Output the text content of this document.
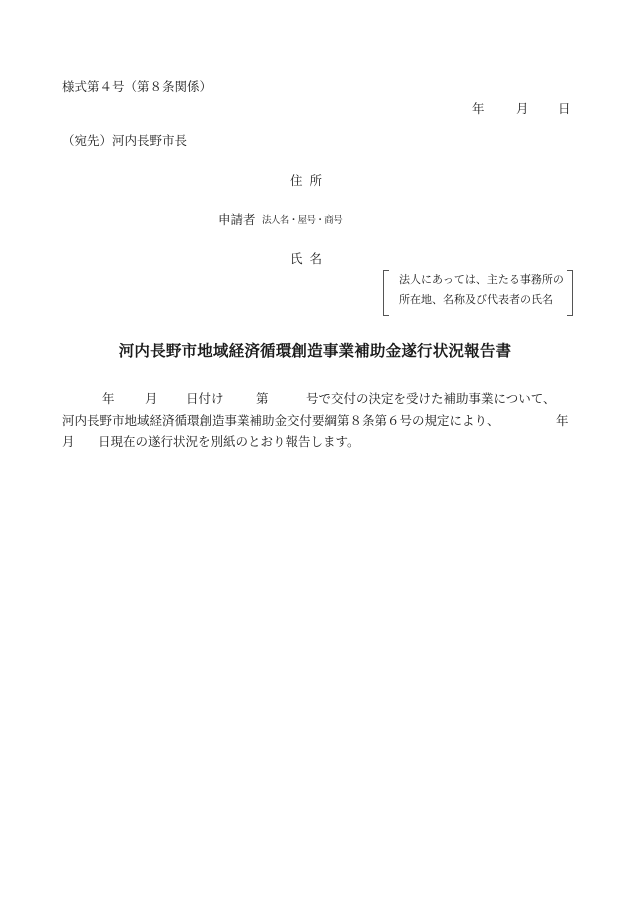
様式第４号（第８条関係）
年	月 日
（宛先）河内長野市長
住所
申請者 法人名・屋号・商号
氏名
法人にあっては、主たる事務所の
所在地、名称及び代表者の氏名
河内長野市地域経済循環創造事業補助金遂行状況報告書
年 月 日付け	第	号で交付の決定を受けた補助事業について、
河内長野市地域経済循環創造事業補助金交付要綱第８条第６号の規定により、	年
月 日現在の遂行状況を別紙のとおり報告します。
